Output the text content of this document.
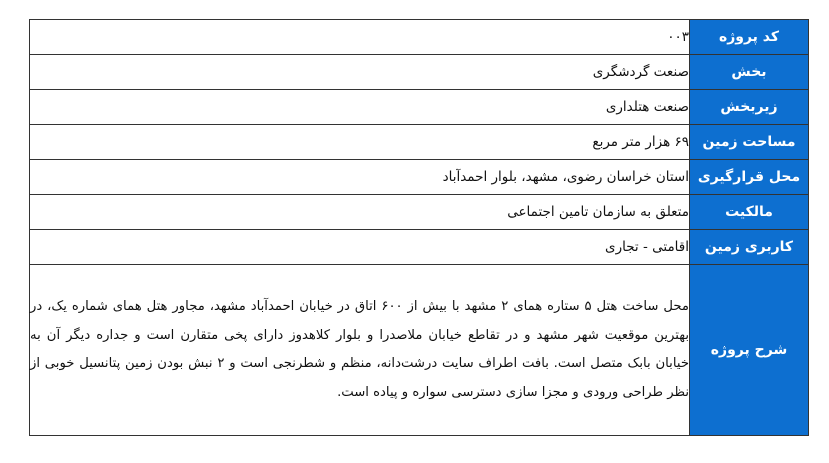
کد پروژه	۰۰۳
بخش	صنعت گردشگری
زیربخش	صنعت هتلداری
مساحت زمین	۶۹ هزار متر مربع
محل قرارگیری	استان خراسان رضوی، مشهد، بلوار احمدآباد
مالکیت	متعلق به سازمان تامین اجتماعی
کاربری زمین	اقامتی - تجاری
شرح پروژه	محل ساخت هتل ۵ ستاره همای ۲ مشهد با بیش از ۶۰۰ اتاق در خیابان احمدآباد مشهد، مجاور هتل همای شماره یک، در بهترین موقعیت شهر مشهد و در تقاطع خیابان ملاصدرا و بلوار کلاهدوز دارای پخی متقارن است و جداره دیگر آن به خیابان بابک متصل است. بافت اطراف سایت درشت‌دانه، منظم و شطرنجی است و ۲ نبش بودن زمین پتانسیل خوبی از نظر طراحی ورودی و مجزا سازی دسترسی سواره و پیاده است.
